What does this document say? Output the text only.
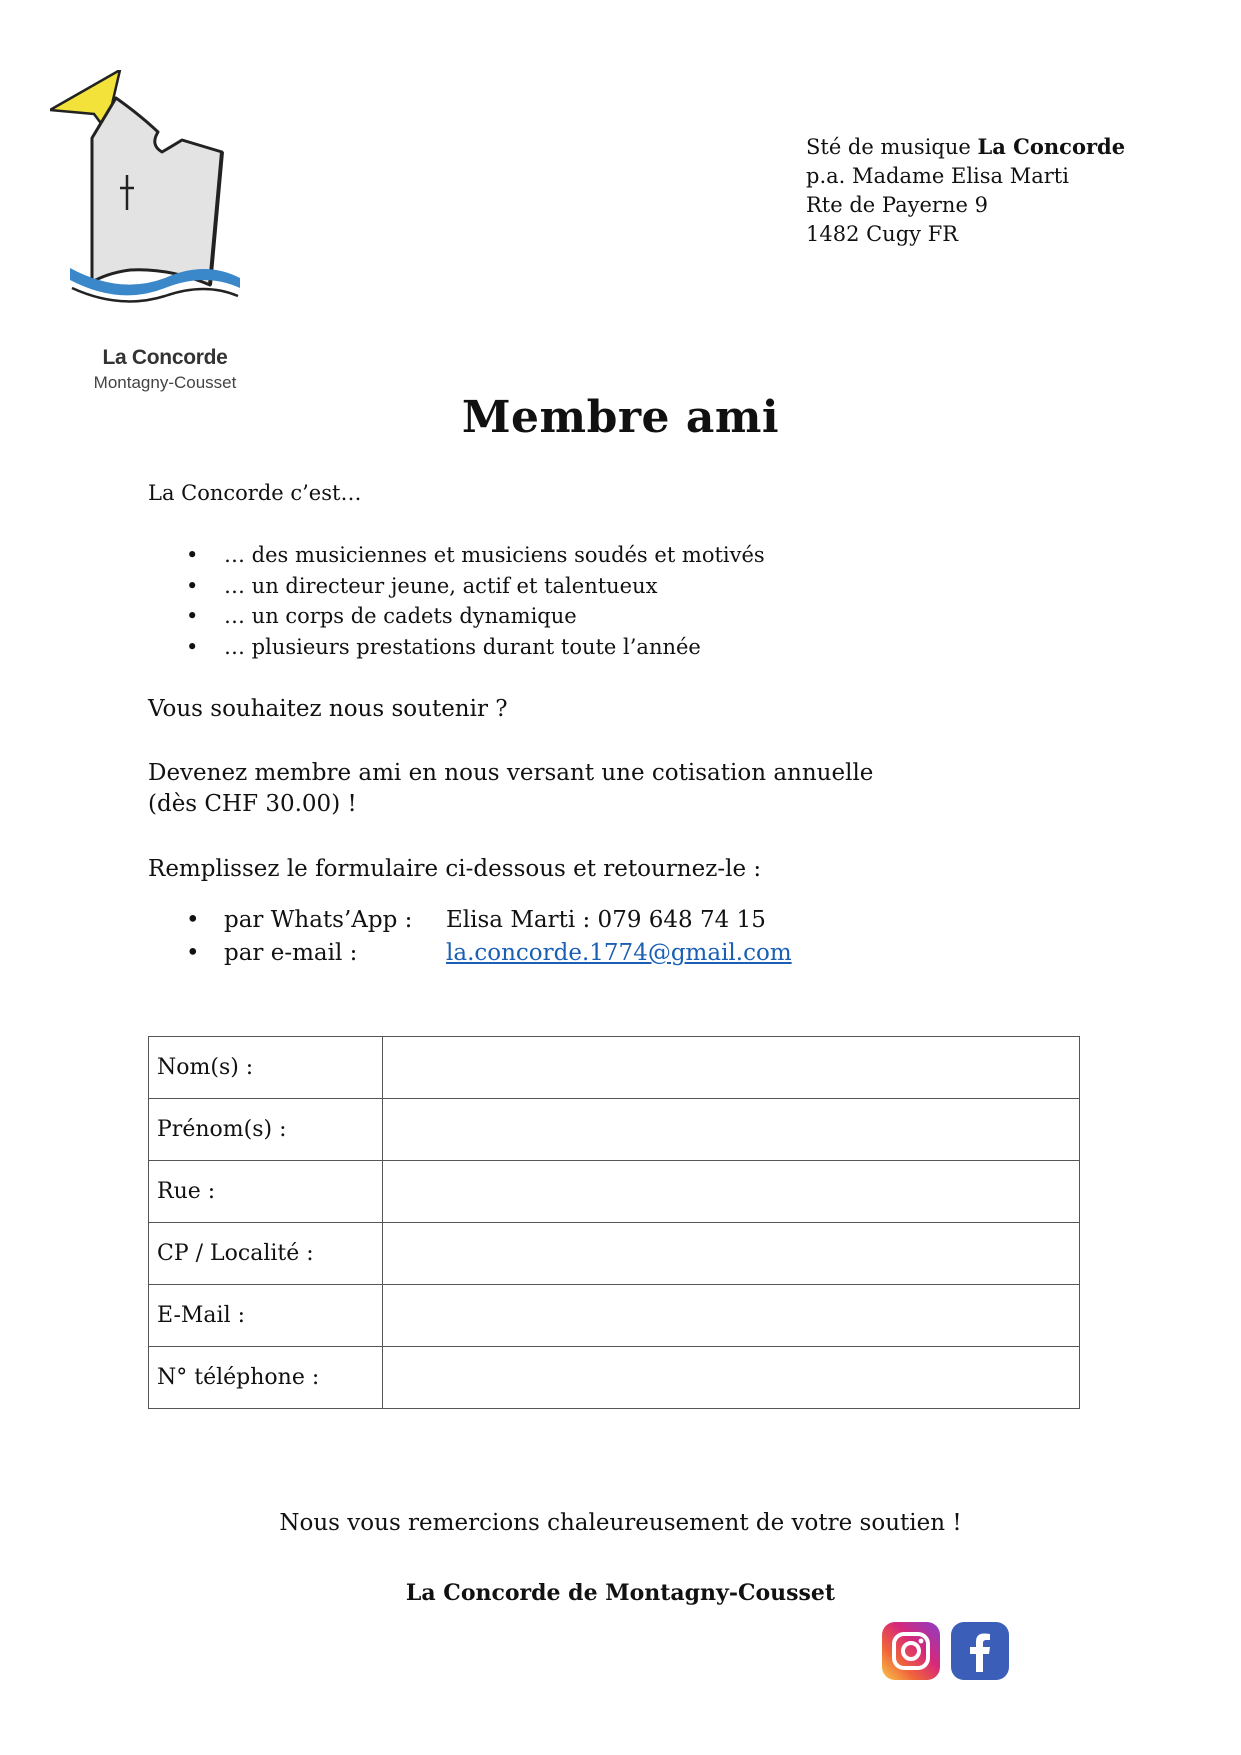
La Concorde
Montagny-Cousset
Sté de musique La Concorde
p.a. Madame Elisa Marti
Rte de Payerne 9
1482 Cugy FR
Membre ami
La Concorde c’est…
• … des musiciennes et musiciens soudés et motivés
• … un directeur jeune, actif et talentueux
• … un corps de cadets dynamique
• … plusieurs prestations durant toute l’année
Vous souhaitez nous soutenir ?
Devenez membre ami en nous versant une cotisation annuelle
(dès CHF 30.00) !
Remplissez le formulaire ci-dessous et retournez-le :
• par Whats’App : Elisa Marti : 079 648 74 15
• par e-mail :	la.concorde.1774@gmail.com
Nom(s) :	
Prénom(s) :	
Rue :	
CP / Localité :	
E-Mail :	
N° téléphone :	
Nous vous remercions chaleureusement de votre soutien !
La Concorde de Montagny-Cousset
